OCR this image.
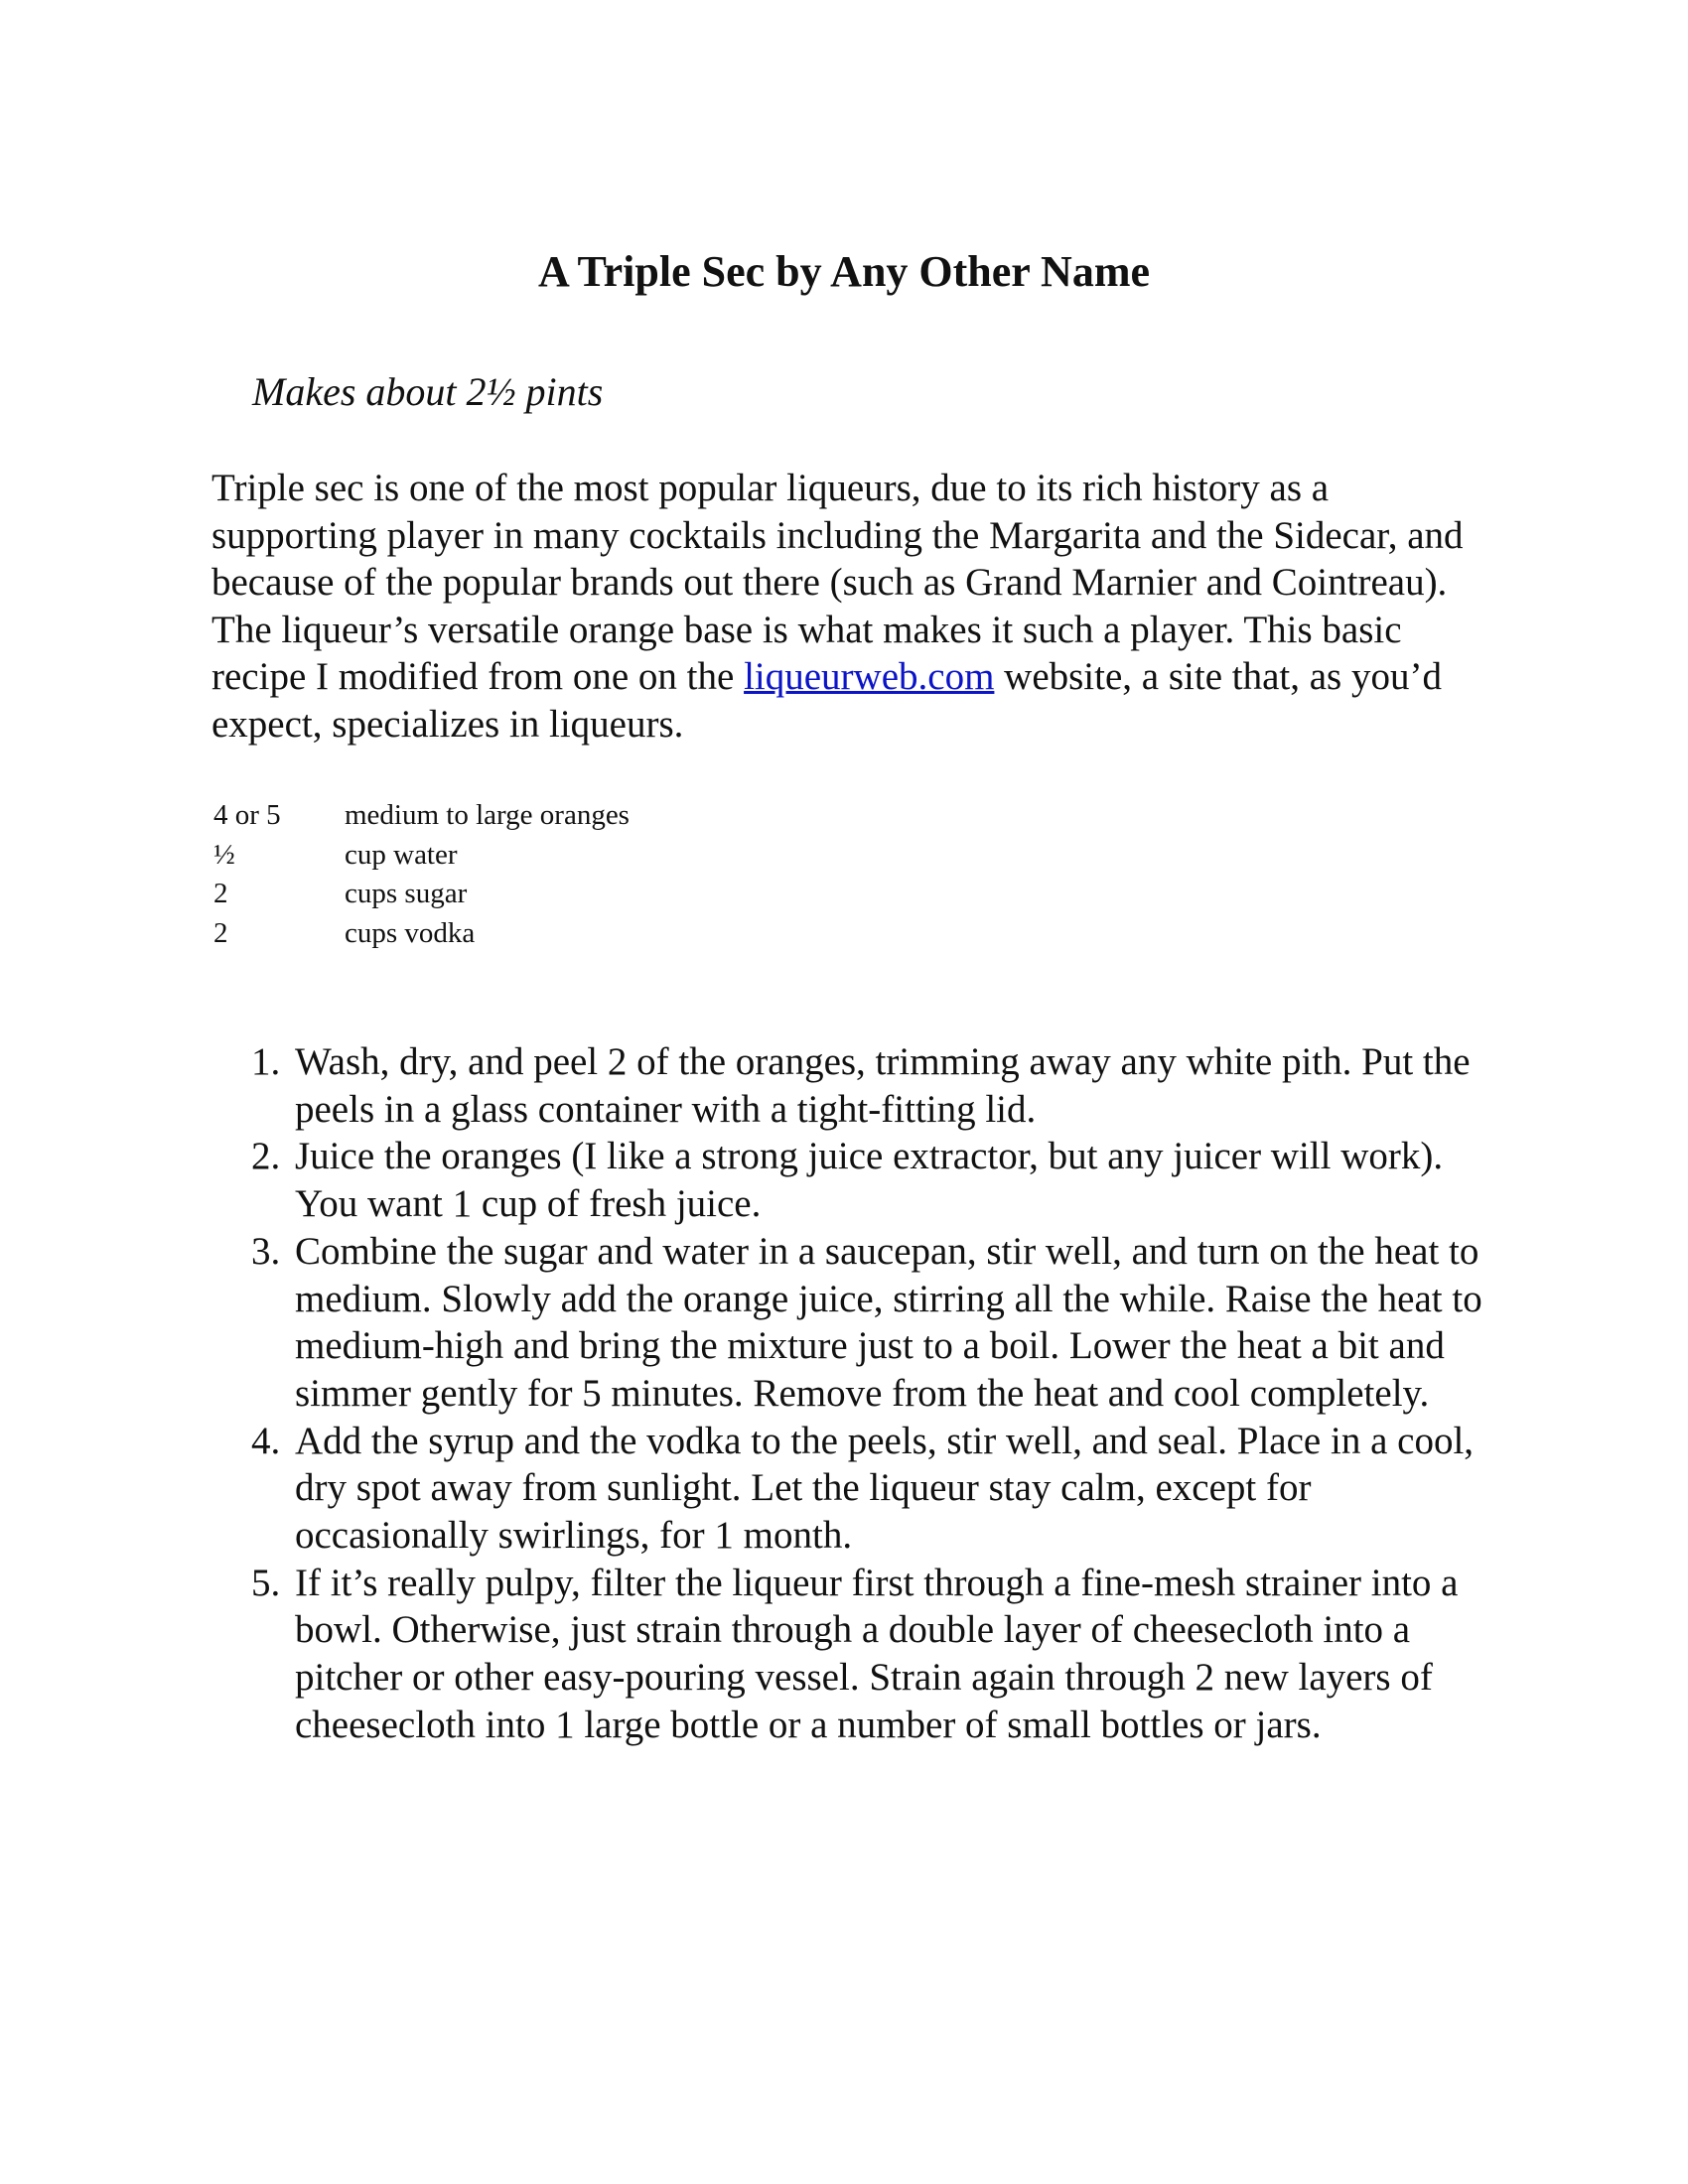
A Triple Sec by Any Other Name

Makes about 2½ pints

Triple sec is one of the most popular liqueurs, due to its rich history as a supporting player in many cocktails including the Margarita and the Sidecar, and because of the popular brands out there (such as Grand Marnier and Cointreau). The liqueur’s versatile orange base is what makes it such a player. This basic recipe I modified from one on the liqueurweb.com website, a site that, as you’d expect, specializes in liqueurs.

4 or 5	medium to large oranges
½	cup water
2	cups sugar
2	cups vodka
1. Wash, dry, and peel 2 of the oranges, trimming away any white pith. Put the peels in a glass container with a tight-fitting lid.
2. Juice the oranges (I like a strong juice extractor, but any juicer will work). You want 1 cup of fresh juice.
3. Combine the sugar and water in a saucepan, stir well, and turn on the heat to medium. Slowly add the orange juice, stirring all the while. Raise the heat to medium-high and bring the mixture just to a boil. Lower the heat a bit and simmer gently for 5 minutes. Remove from the heat and cool completely.
4. Add the syrup and the vodka to the peels, stir well, and seal. Place in a cool, dry spot away from sunlight. Let the liqueur stay calm, except for occasionally swirlings, for 1 month.
5. If it’s really pulpy, filter the liqueur first through a fine-mesh strainer into a bowl. Otherwise, just strain through a double layer of cheesecloth into a pitcher or other easy-pouring vessel. Strain again through 2 new layers of cheesecloth into 1 large bottle or a number of small bottles or jars.
